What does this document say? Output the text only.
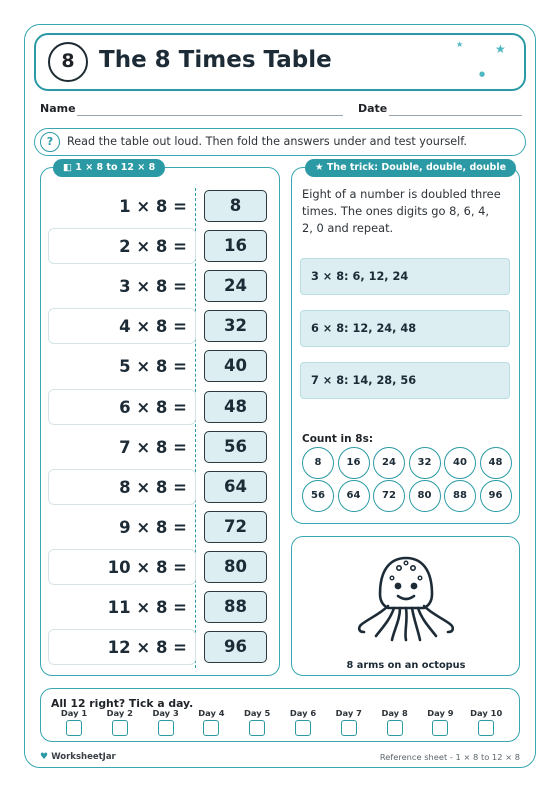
8	The 8 Times Table
★	★
●
Name	Date
?	Read the table out loud. Then fold the answers under and test yourself.
◧ 1 × 8 to 12 × 8
1 × 8 =	8
2 × 8 =	16
3 × 8 =	24
4 × 8 =	32
5 × 8 =	40
6 × 8 =	48
7 × 8 =	56
8 × 8 =	64
9 × 8 =	72
10 × 8 =	80
11 × 8 =	88
12 × 8 =	96
★ The trick: Double, double, double
Eight of a number is doubled three times. The ones digits go 8, 6, 4, 2, 0 and repeat.
3 × 8: 6, 12, 24
6 × 8: 12, 24, 48
7 × 8: 14, 28, 56
Count in 8s:
8	16	24	32	40	48
56	64	72	80	88	96
8 arms on an octopus
All 12 right? Tick a day.
Day 1	Day 2	Day 3	Day 4	Day 5	Day 6	Day 7	Day 8	Day 9	Day 10
♥ WorksheetJar	Reference sheet - 1 × 8 to 12 × 8
